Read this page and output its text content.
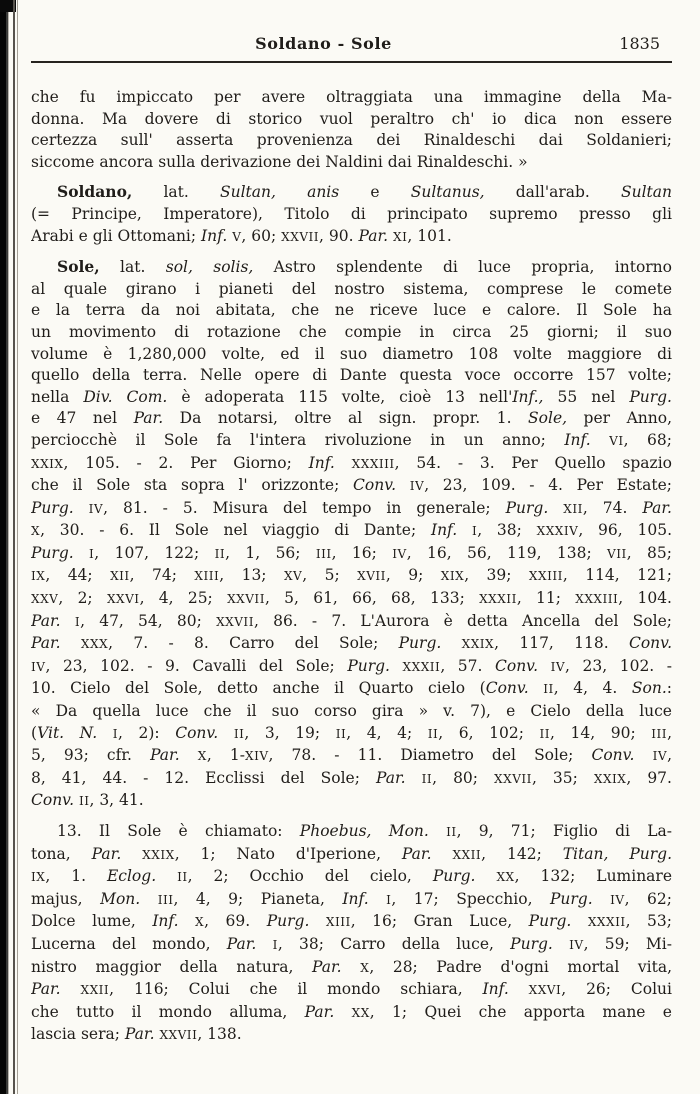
Soldano - Sole	1835
che fu impiccato per avere oltraggiata una immagine della Ma-
donna. Ma dovere di storico vuol peraltro ch' io dica non essere
certezza sull' asserta provenienza dei Rinaldeschi dai Soldanieri;
siccome ancora sulla derivazione dei Naldini dai Rinaldeschi. »
Soldano, lat. Sultan, anis e Sultanus, dall'arab. Sultan
(= Principe, Imperatore), Titolo di principato supremo presso gli
Arabi e gli Ottomani; Inf. V, 60; XXVII, 90. Par. XI, 101.
Sole, lat. sol, solis, Astro splendente di luce propria, intorno
al quale girano i pianeti del nostro sistema, comprese le comete
e la terra da noi abitata, che ne riceve luce e calore. Il Sole ha
un movimento di rotazione che compie in circa 25 giorni; il suo
volume è 1,280,000 volte, ed il suo diametro 108 volte maggiore di
quello della terra. Nelle opere di Dante questa voce occorre 157 volte;
nella Div. Com. è adoperata 115 volte, cioè 13 nell'Inf., 55 nel Purg.
e 47 nel Par. Da notarsi, oltre al sign. propr. 1. Sole, per Anno,
perciocchè il Sole fa l'intera rivoluzione in un anno; Inf. VI, 68;
XXIX, 105. - 2. Per Giorno; Inf. XXXIII, 54. - 3. Per Quello spazio
che il Sole sta sopra l' orizzonte; Conv. IV, 23, 109. - 4. Per Estate;
Purg. IV, 81. - 5. Misura del tempo in generale; Purg. XII, 74. Par.
X, 30. - 6. Il Sole nel viaggio di Dante; Inf. I, 38; XXXIV, 96, 105.
Purg. I, 107, 122; II, 1, 56; III, 16; IV, 16, 56, 119, 138; VII, 85;
IX, 44; XII, 74; XIII, 13; XV, 5; XVII, 9; XIX, 39; XXIII, 114, 121;
XXV, 2; XXVI, 4, 25; XXVII, 5, 61, 66, 68, 133; XXXII, 11; XXXIII, 104.
Par. I, 47, 54, 80; XXVII, 86. - 7. L'Aurora è detta Ancella del Sole;
Par. XXX, 7. - 8. Carro del Sole; Purg. XXIX, 117, 118. Conv.
IV, 23, 102. - 9. Cavalli del Sole; Purg. XXXII, 57. Conv. IV, 23, 102. -
10. Cielo del Sole, detto anche il Quarto cielo (Conv. II, 4, 4. Son.:
« Da quella luce che il suo corso gira » v. 7), e Cielo della luce
(Vit. N. I, 2): Conv. II, 3, 19; II, 4, 4; II, 6, 102; II, 14, 90; III,
5, 93; cfr. Par. X, 1-XIV, 78. - 11. Diametro del Sole; Conv. IV,
8, 41, 44. - 12. Ecclissi del Sole; Par. II, 80; XXVII, 35; XXIX, 97.
Conv. II, 3, 41.
13. Il Sole è chiamato: Phoebus, Mon. II, 9, 71; Figlio di La-
tona, Par. XXIX, 1; Nato d'Iperione, Par. XXII, 142; Titan, Purg.
IX, 1. Eclog. II, 2; Occhio del cielo, Purg. XX, 132; Luminare
majus, Mon. III, 4, 9; Pianeta, Inf. I, 17; Specchio, Purg. IV, 62;
Dolce lume, Inf. X, 69. Purg. XIII, 16; Gran Luce, Purg. XXXII, 53;
Lucerna del mondo, Par. I, 38; Carro della luce, Purg. IV, 59; Mi-
nistro maggior della natura, Par. X, 28; Padre d'ogni mortal vita,
Par. XXII, 116; Colui che il mondo schiara, Inf. XXVI, 26; Colui
che tutto il mondo alluma, Par. XX, 1; Quei che apporta mane e
lascia sera; Par. XXVII, 138.
